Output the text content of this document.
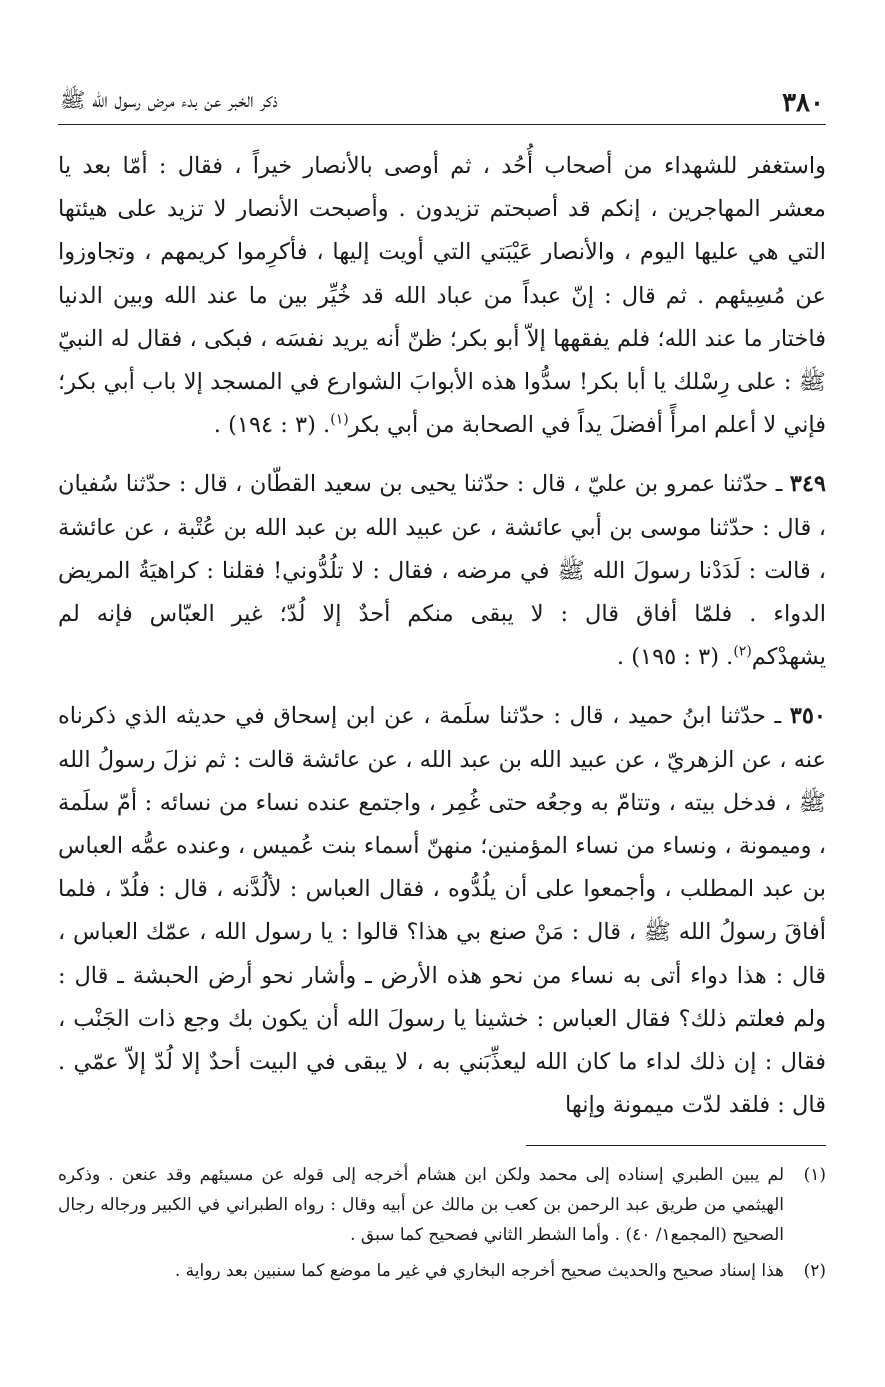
٣٨٠
ذكر الخبر عن بدء مرض رسول الله ﷺ

واستغفر للشهداء من أصحاب أُحُد ، ثم أوصى بالأنصار خيراً ، فقال : أمّا بعد يا معشر المهاجرين ، إنكم قد أصبحتم تزيدون . وأصبحت الأنصار لا تزيد على هيئتها التي هي عليها اليوم ، والأنصار عَيْبَتي التي أويت إليها ، فأكرِموا كريمهم ، وتجاوزوا عن مُسِيئهم . ثم قال : إنّ عبداً من عباد الله قد خُيِّر بين ما عند الله وبين الدنيا فاختار ما عند الله؛ فلم يفقهها إلاّ أبو بكر؛ ظنّ أنه يريد نفسَه ، فبكى ، فقال له النبيّ ﷺ : على رِسْلك يا أبا بكر! سدُّوا هذه الأبوابَ الشوارع في المسجد إلا باب أبي بكر؛ فإني لا أعلم امرأً أفضلَ يداً في الصحابة من أبي بكر$^{(١)}$. (٣ : ١٩٤) .

٣٤٩ ـ حدّثنا عمرو بن عليّ ، قال : حدّثنا يحيى بن سعيد القطّان ، قال : حدّثنا سُفيان ، قال : حدّثنا موسى بن أبي عائشة ، عن عبيد الله بن عبد الله بن عُتْبة ، عن عائشة ، قالت : لَدَدْنا رسولَ الله ﷺ في مرضه ، فقال : لا تلُدُّوني! فقلنا : كراهيَةُ المريض الدواء . فلمّا أفاق قال : لا يبقى منكم أحدٌ إلا لُدّ؛ غير العبّاس فإنه لم يشهدْكم$^{(٢)}$. (٣ : ١٩٥) .

٣٥٠ ـ حدّثنا ابنُ حميد ، قال : حدّثنا سلَمة ، عن ابن إسحاق في حديثه الذي ذكرناه عنه ، عن الزهريّ ، عن عبيد الله بن عبد الله ، عن عائشة قالت : ثم نزلَ رسولُ الله ﷺ ، فدخل بيته ، وتتامّ به وجعُه حتى غُمِر ، واجتمع عنده نساء من نسائه : أمّ سلَمة ، وميمونة ، ونساء من نساء المؤمنين؛ منهنّ أسماء بنت عُميس ، وعنده عمُّه العباس بن عبد المطلب ، وأجمعوا على أن يلُدُّوه ، فقال العباس : لألُدَّنه ، قال : فلُدّ ، فلما أفاقَ رسولُ الله ﷺ ، قال : مَنْ صنع بي هذا؟ قالوا : يا رسول الله ، عمّك العباس ، قال : هذا دواء أتى به نساء من نحو هذه الأرض ـ وأشار نحو أرض الحبشة ـ قال : ولم فعلتم ذلك؟ فقال العباس : خشينا يا رسولَ الله أن يكون بك وجع ذات الجَنْب ، فقال : إن ذلك لداء ما كان الله ليعذِّبَني به ، لا يبقى في البيت أحدٌ إلا لُدّ إلاّ عمّي . قال : فلقد لدّت ميمونة وإنها

(١)
لم يبين الطبري إسناده إلى محمد ولكن ابن هشام أخرجه إلى قوله عن مسيئهم وقد عنعن . وذكره الهيثمي من طريق عبد الرحمن بن كعب بن مالك عن أبيه وقال : رواه الطبراني في الكبير ورجاله رجال الصحيح (المجمع١/ ٤٠) . وأما الشطر الثاني فصحيح كما سبق .
(٢)
هذا إسناد صحيح والحديث صحيح أخرجه البخاري في غير ما موضع كما سنبين بعد رواية .
